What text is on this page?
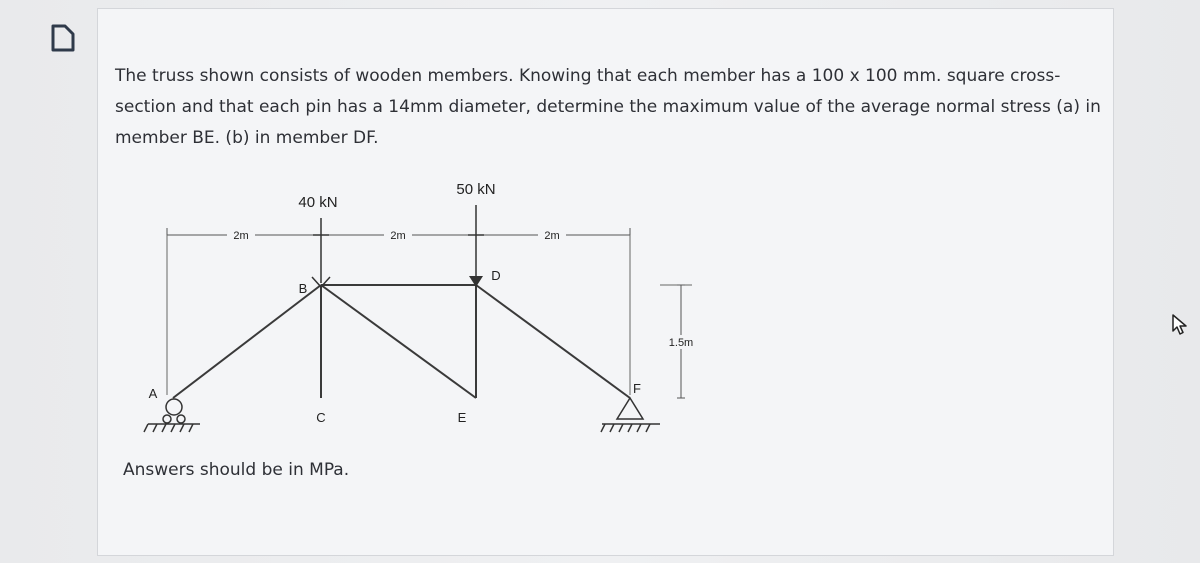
The truss shown consists of wooden members. Knowing that each member has a 100 x 100 mm. square cross-section and that each pin has a 14mm diameter, determine the maximum value of the average normal stress (a) in member BE. (b) in member DF.

Answers should be in MPa.
2m	2m	2m
1.5m
40 kN
50 kN
A
B
C
D
E
F
